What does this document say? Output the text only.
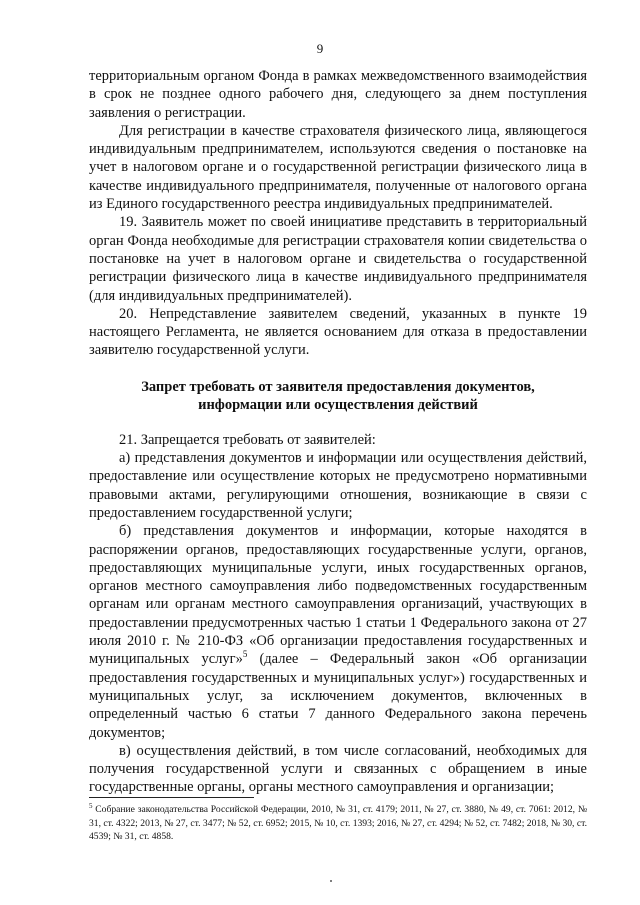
9

территориальным органом Фонда в рамках межведомственного взаимодействия в срок не позднее одного рабочего дня, следующего за днем поступления заявления о регистрации.

Для регистрации в качестве страхователя физического лица, являющегося индивидуальным предпринимателем, используются сведения о постановке на учет в налоговом органе и о государственной регистрации физического лица в качестве индивидуального предпринимателя, полученные от налогового органа из Единого государственного реестра индивидуальных предпринимателей.

19. Заявитель может по своей инициативе представить в территориальный орган Фонда необходимые для регистрации страхователя копии свидетельства о постановке на учет в налоговом органе и свидетельства о государственной регистрации физического лица в качестве индивидуального предпринимателя (для индивидуальных предпринимателей).

20. Непредставление заявителем сведений, указанных в пункте 19 настоящего Регламента, не является основанием для отказа в предоставлении заявителю государственной услуги.

Запрет требовать от заявителя предоставления документов,
информации или осуществления действий

21. Запрещается требовать от заявителей:

а) представления документов и информации или осуществления действий, предоставление или осуществление которых не предусмотрено нормативными правовыми актами, регулирующими отношения, возникающие в связи с предоставлением государственной услуги;

б) представления документов и информации, которые находятся в распоряжении органов, предоставляющих государственные услуги, органов, предоставляющих муниципальные услуги, иных государственных органов, органов местного самоуправления либо подведомственных государственным органам или органам местного самоуправления организаций, участвующих в предоставлении предусмотренных частью 1 статьи 1 Федерального закона от 27 июля 2010 г. № 210-ФЗ «Об организации предоставления государственных и муниципальных услуг»$^5$ (далее – Федеральный закон «Об организации предоставления государственных и муниципальных услуг») государственных и муниципальных услуг, за исключением документов, включенных в определенный частью 6 статьи 7 данного Федерального закона перечень документов;

в) осуществления действий, в том числе согласований, необходимых для получения государственной услуги и связанных с обращением в иные государственные органы, органы местного самоуправления и организации;

$^5$ Собрание законодательства Российской Федерации, 2010, № 31, ст. 4179; 2011, № 27, ст. 3880, № 49, ст. 7061: 2012, № 31, ст. 4322; 2013, № 27, ст. 3477; № 52, ст. 6952; 2015, № 10, ст. 1393; 2016, № 27, ст. 4294; № 52, ст. 7482; 2018, № 30, ст. 4539; № 31, ст. 4858.
